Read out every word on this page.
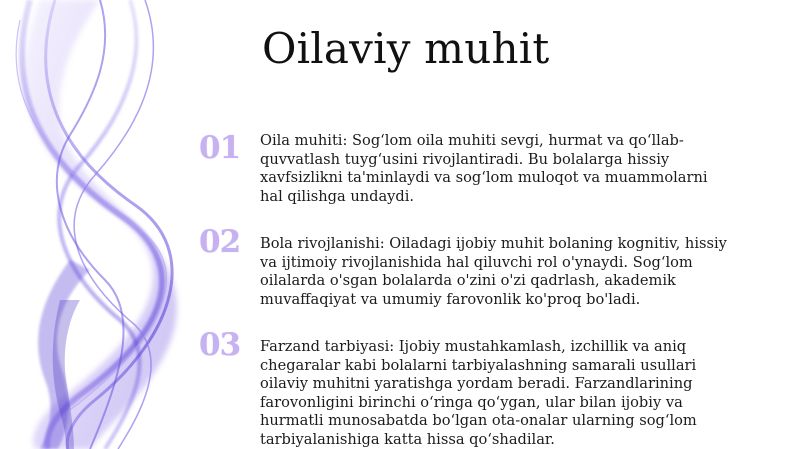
Oilaviy muhit
01	Oila muhiti: Sog‘lom oila muhiti sevgi, hurmat va qo‘llab-quvvatlash tuyg‘usini rivojlantiradi. Bu bolalarga hissiy xavfsizlikni ta'minlaydi va sog‘lom muloqot va muammolarni hal qilishga undaydi.
02	Bola rivojlanishi: Oiladagi ijobiy muhit bolaning kognitiv, hissiy va ijtimoiy rivojlanishida hal qiluvchi rol o'ynaydi. Sog‘lom oilalarda o'sgan bolalarda o'zini o'zi qadrlash, akademik muvaffaqiyat va umumiy farovonlik ko'proq bo'ladi.
03	Farzand tarbiyasi: Ijobiy mustahkamlash, izchillik va aniq chegaralar kabi bolalarni tarbiyalashning samarali usullari oilaviy muhitni yaratishga yordam beradi. Farzandlarining farovonligini birinchi o‘ringa qo‘ygan, ular bilan ijobiy va hurmatli munosabatda bo‘lgan ota-onalar ularning sog‘lom tarbiyalanishiga katta hissa qo‘shadilar.
